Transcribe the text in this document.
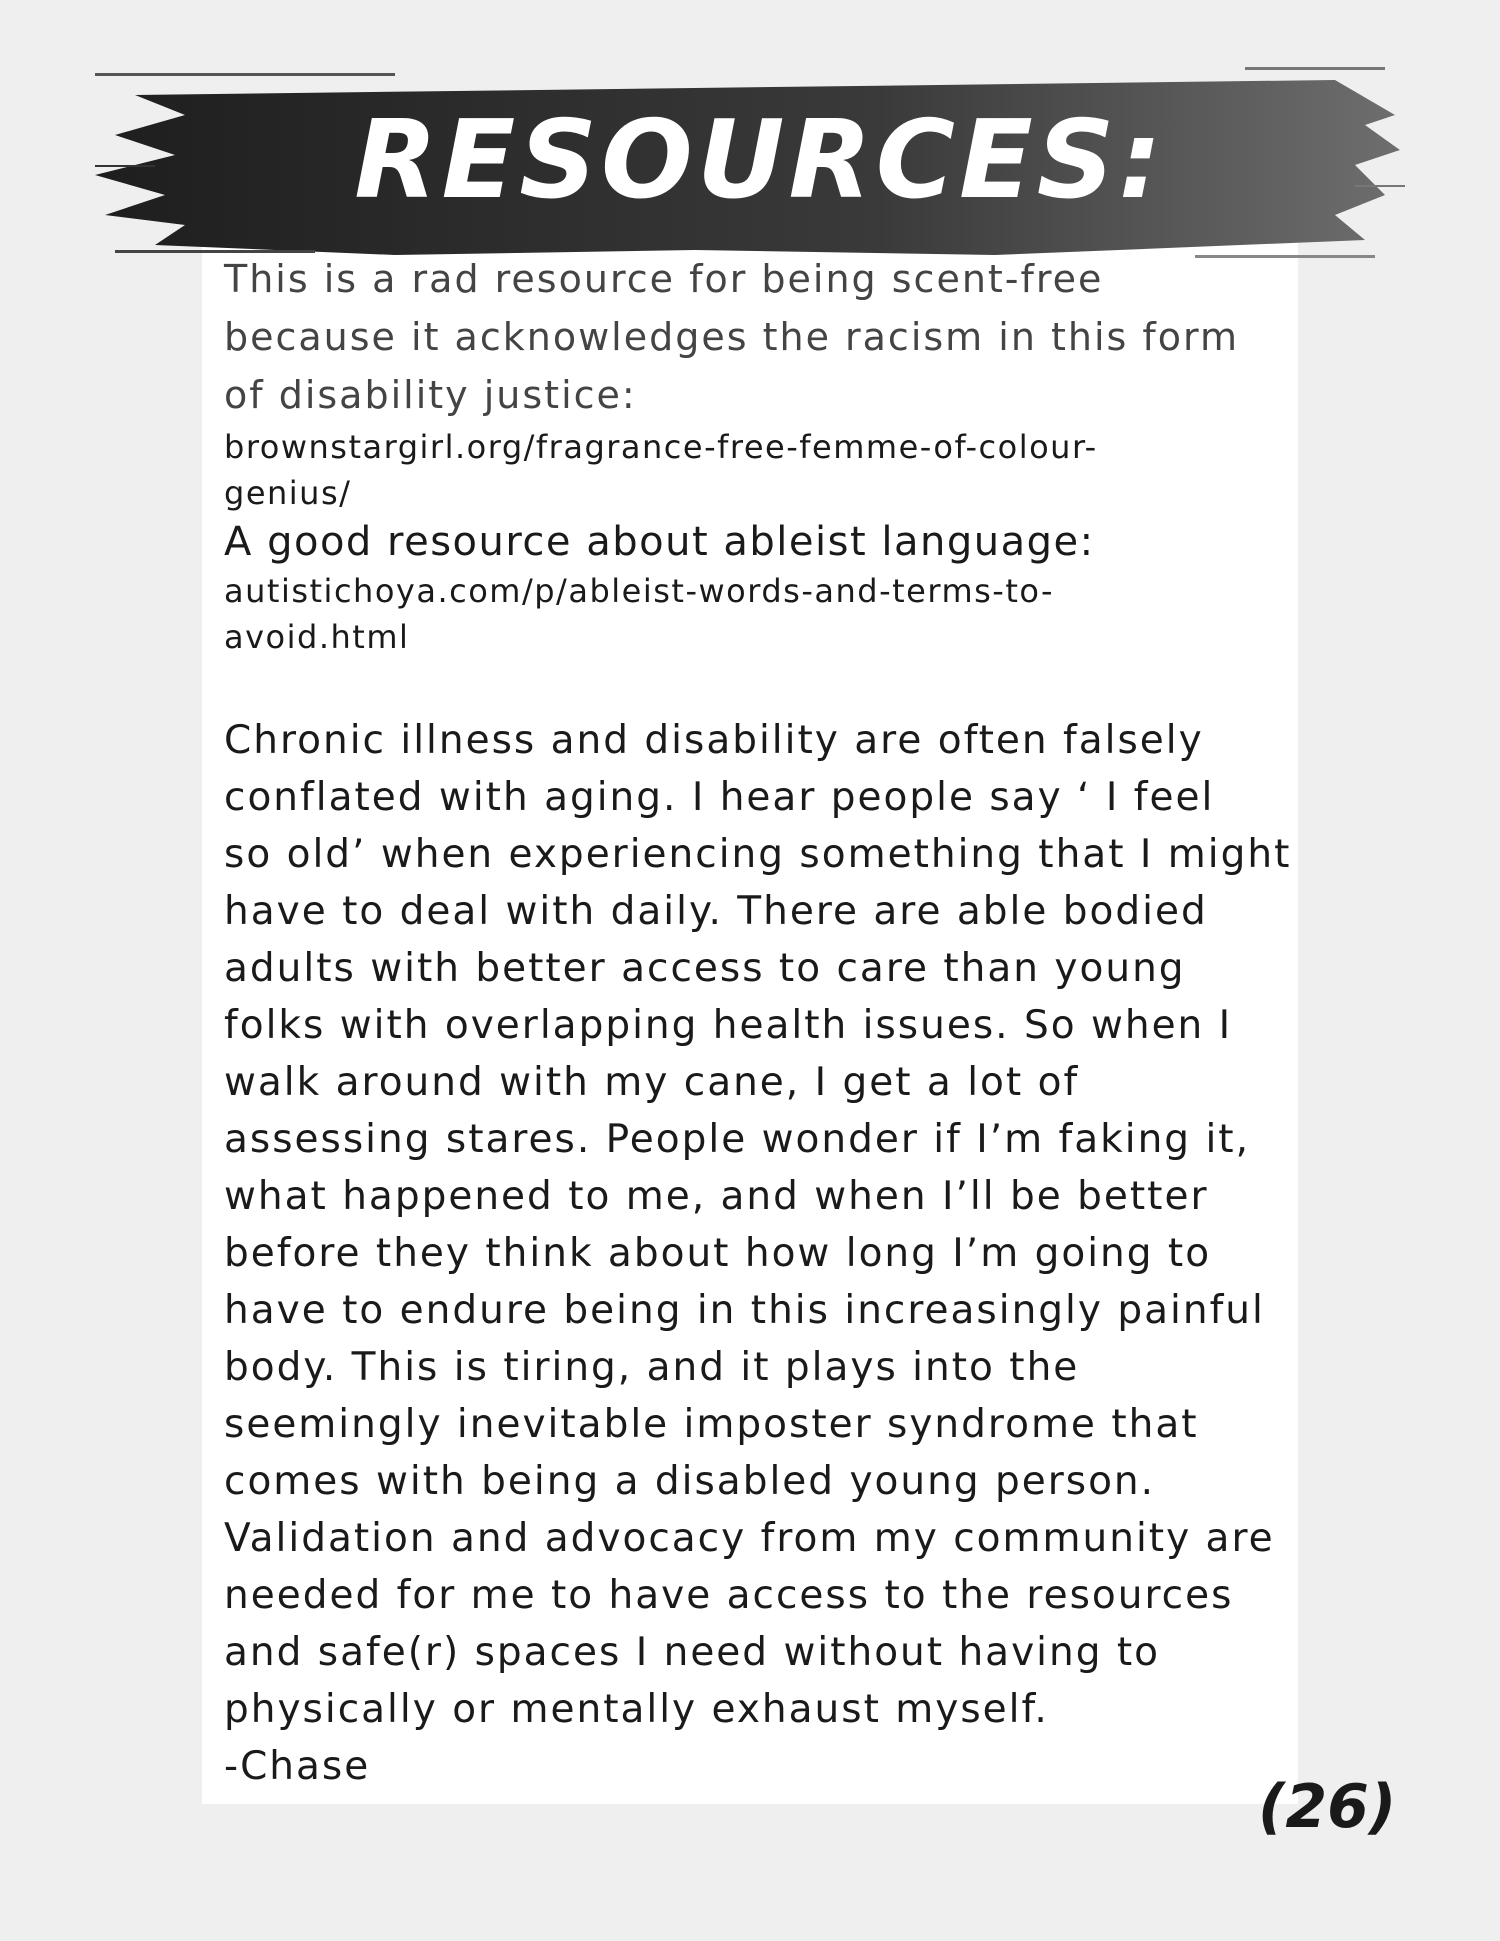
RESOURCES:
This is a rad resource for being scent-free
because it acknowledges the racism in this form
of disability justice:
brownstargirl.org/fragrance-free-femme-of-colour-
genius/
A good resource about ableist language:
autistichoya.com/p/ableist-words-and-terms-to-
avoid.html
Chronic illness and disability are often falsely
conflated with aging. I hear people say ‘ I feel
so old’ when experiencing something that I might
have to deal with daily. There are able bodied
adults with better access to care than young
folks with overlapping health issues. So when I
walk around with my cane, I get a lot of
assessing stares. People wonder if I’m faking it,
what happened to me, and when I’ll be better
before they think about how long I’m going to
have to endure being in this increasingly painful
body. This is tiring, and it plays into the
seemingly inevitable imposter syndrome that
comes with being a disabled young person.
Validation and advocacy from my community are
needed for me to have access to the resources
and safe(r) spaces I need without having to
physically or mentally exhaust myself.
-Chase
(26)
